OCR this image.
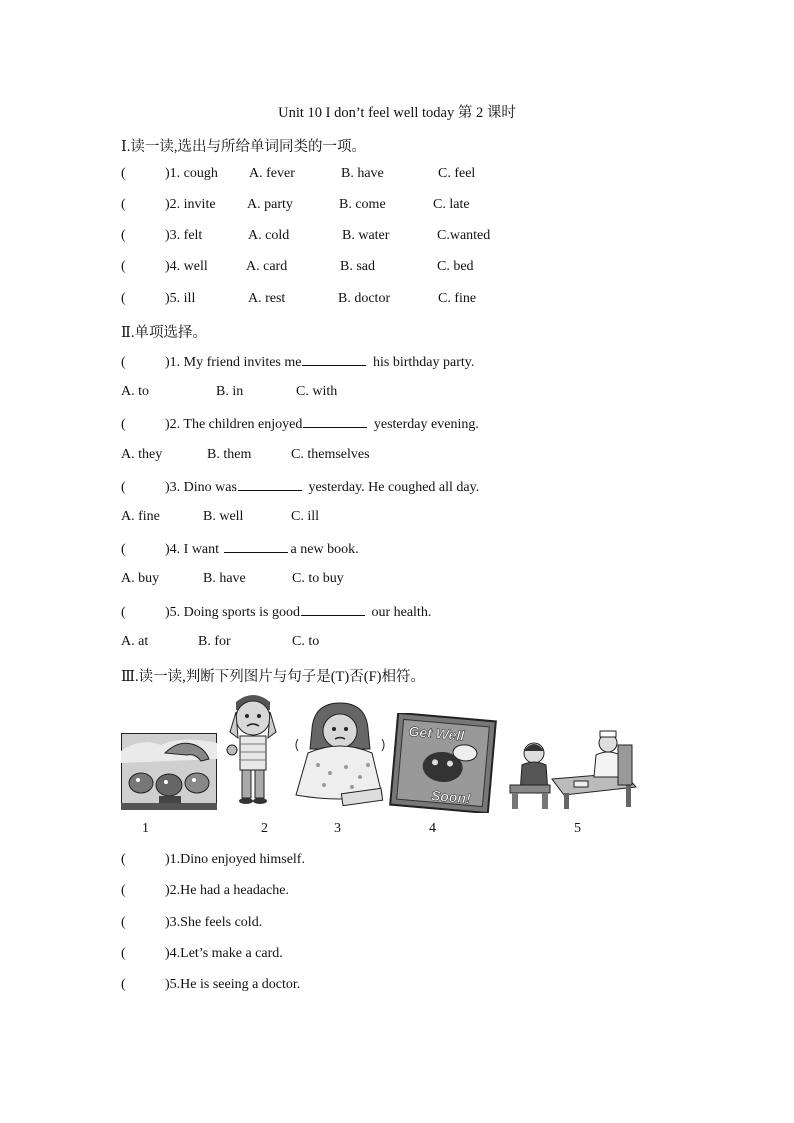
Unit 10 I don’t feel well today 第 2 课时
Ⅰ.读一读,选出与所给单词同类的一项。
(	)1. cough A. fever	B. have	C. feel
(	)2. invite A. party	B. come	C. late
(	)3. felt	A. cold	B. water	C.wanted
(	)4. well	A. card	B. sad	C. bed
(	)5. ill	A. rest	B. doctor	C. fine
Ⅱ.单项选择。
(	)1. My friend invites me	his birthday party.
A. to	B. in	C. with
(	)2. The children enjoyed	yesterday evening.
A. they	B. them	C. themselves
(	)3. Dino was	yesterday. He coughed all day.
A. fine	B. well	C. ill
(	)4. I want	a new book.
A. buy	B. have	C. to buy
(	)5. Doing sports is good	our health.
A. at	B. for	C. to
Ⅲ.读一读,判断下列图片与句子是(T)否(F)相符。
Get Well
Soon!
1	2	3	4	5
(	)1.Dino enjoyed himself.
(	)2.He had a headache.
(	)3.She feels cold.
(	)4.Let’s make a card.
(	)5.He is seeing a doctor.
